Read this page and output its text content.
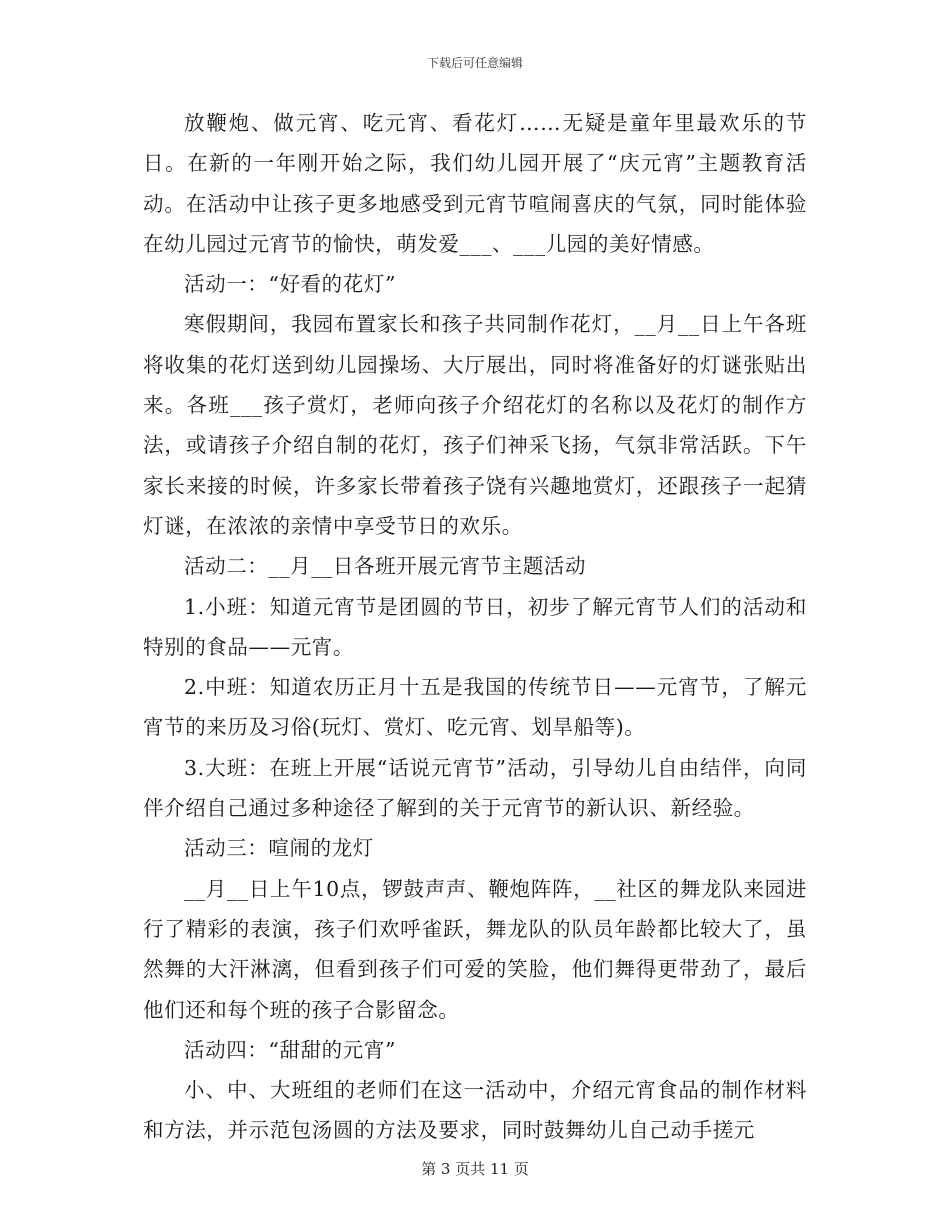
下载后可任意编辑

放鞭炮、做元宵、吃元宵、看花灯……无疑是童年里最欢乐的节日。在新的一年刚开始之际，我们幼儿园开展了“庆元宵”主题教育活动。在活动中让孩子更多地感受到元宵节喧闹喜庆的气氛，同时能体验在幼儿园过元宵节的愉快，萌发爱___、___儿园的美好情感。

活动一：“好看的花灯”

寒假期间，我园布置家长和孩子共同制作花灯，__月__日上午各班将收集的花灯送到幼儿园操场、大厅展出，同时将准备好的灯谜张贴出来。各班___孩子赏灯，老师向孩子介绍花灯的名称以及花灯的制作方法，或请孩子介绍自制的花灯，孩子们神采飞扬，气氛非常活跃。下午家长来接的时候，许多家长带着孩子饶有兴趣地赏灯，还跟孩子一起猜灯谜，在浓浓的亲情中享受节日的欢乐。

活动二：__月__日各班开展元宵节主题活动

1.小班：知道元宵节是团圆的节日，初步了解元宵节人们的活动和特别的食品——元宵。

2.中班：知道农历正月十五是我国的传统节日——元宵节，了解元宵节的来历及习俗(玩灯、赏灯、吃元宵、划旱船等)。

3.大班：在班上开展“话说元宵节”活动，引导幼儿自由结伴，向同伴介绍自己通过多种途径了解到的关于元宵节的新认识、新经验。

活动三：喧闹的龙灯

__月__日上午10点，锣鼓声声、鞭炮阵阵，__社区的舞龙队来园进行了精彩的表演，孩子们欢呼雀跃，舞龙队的队员年龄都比较大了，虽然舞的大汗淋漓，但看到孩子们可爱的笑脸，他们舞得更带劲了，最后他们还和每个班的孩子合影留念。

活动四：“甜甜的元宵”

小、中、大班组的老师们在这一活动中，介绍元宵食品的制作材料和方法，并示范包汤圆的方法及要求，同时鼓舞幼儿自己动手搓元

第 3 页共 11 页
